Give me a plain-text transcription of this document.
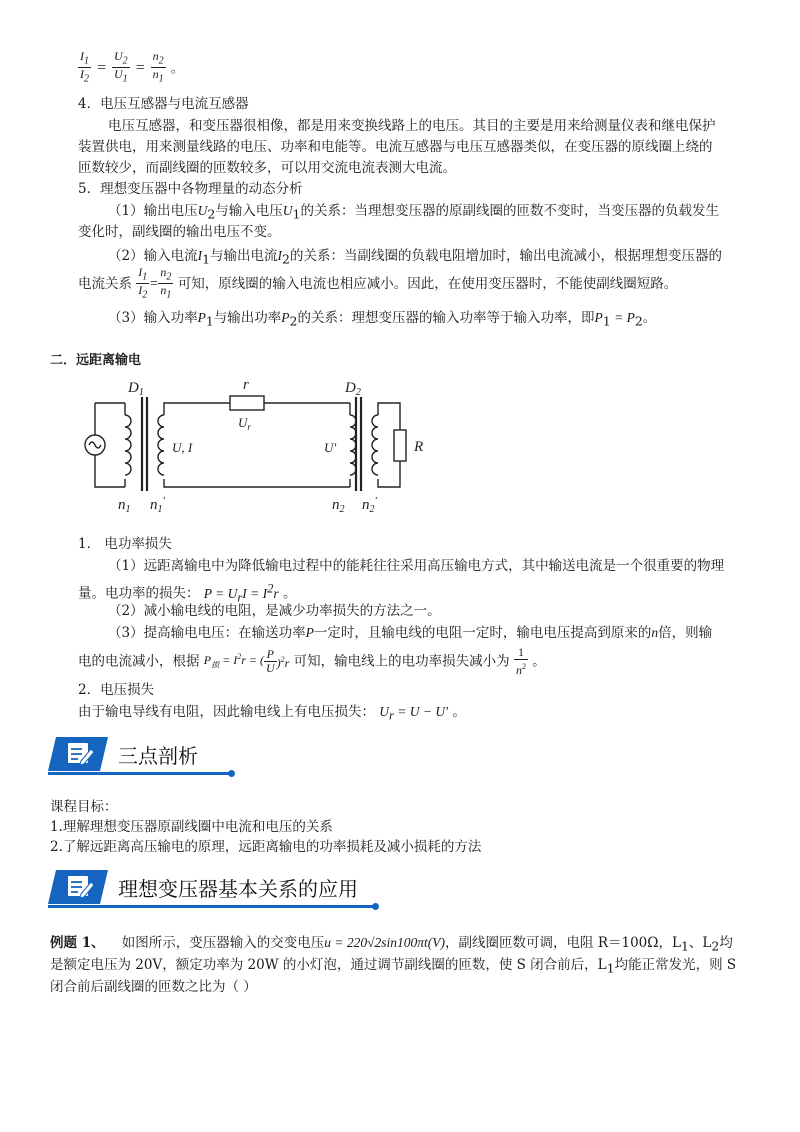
$\frac{I_1}{I_2} = \frac{U_2}{U_1} = \frac{n_2}{n_1}$ 。
4．电压互感器与电流互感器
电压互感器，和变压器很相像，都是用来变换线路上的电压。其目的主要是用来给测量仪表和继电保护
装置供电，用来测量线路的电压、功率和电能等。电流互感器与电压互感器类似，在变压器的原线圈上绕的
匝数较少，而副线圈的匝数较多，可以用交流电流表测大电流。
5．理想变压器中各物理量的动态分析
（1）输出电压$U_2$与输入电压$U_1$的关系：当理想变压器的原副线圈的匝数不变时，当变压器的负载发生
变化时，副线圈的输出电压不变。
（2）输入电流$I_1$与输出电流$I_2$的关系：当副线圈的负载电阻增加时，输出电流减小，根据理想变压器的
电流关系 $\frac{I_1}{I_2} = \frac{n_2}{n_1}$ 可知，原线圈的输入电流也相应减小。因此，在使用变压器时，不能使副线圈短路。
（3）输入功率$P_1$与输出功率$P_2$的关系：理想变压器的输入功率等于输入功率，即$P_1 = P_2$。
二．远距离输电
$D_1$	$D_2$
r
$U_r$
U, I	U'	R
$n_1$ $n_1'$	$n_2$ $n_2'$
1． 电功率损失
（1）远距离输电中为降低输电过程中的能耗往往采用高压输电方式，其中输送电流是一个很重要的物理
量。电功率的损失： $P = U_rI = I^2r$ 。
（2）减小输电线的电阻，是减少功率损失的方法之一。
（3）提高输电电压：在输送功率P一定时，且输电线的电阻一定时，输电电压提高到原来的n倍，则输
电的电流减小，根据 $P_损 = I^2r$ = ( $\frac{P}{U} )^2r$ 可知，输电线上的电功率损失减小为 $\frac{1}{n^2}$ 。
2．电压损失
由于输电导线有电阻，因此输电线上有电压损失： $U_r = U - U'$ 。
三点剖析
课程目标：
1.理解理想变压器原副线圈中电流和电压的关系
2.了解远距离高压输电的原理，远距离输电的功率损耗及减小损耗的方法
理想变压器基本关系的应用
例题 1、 如图所示，变压器输入的交变电压u = 220√2sin100πt(V)，副线圈匝数可调，电阻 R＝100Ω，$L_1$、$L_2$均
是额定电压为 20V，额定功率为 20W 的小灯泡，通过调节副线圈的匝数，使 S 闭合前后，$L_1$均能正常发光，则 S
闭合前后副线圈的匝数之比为（ ）
